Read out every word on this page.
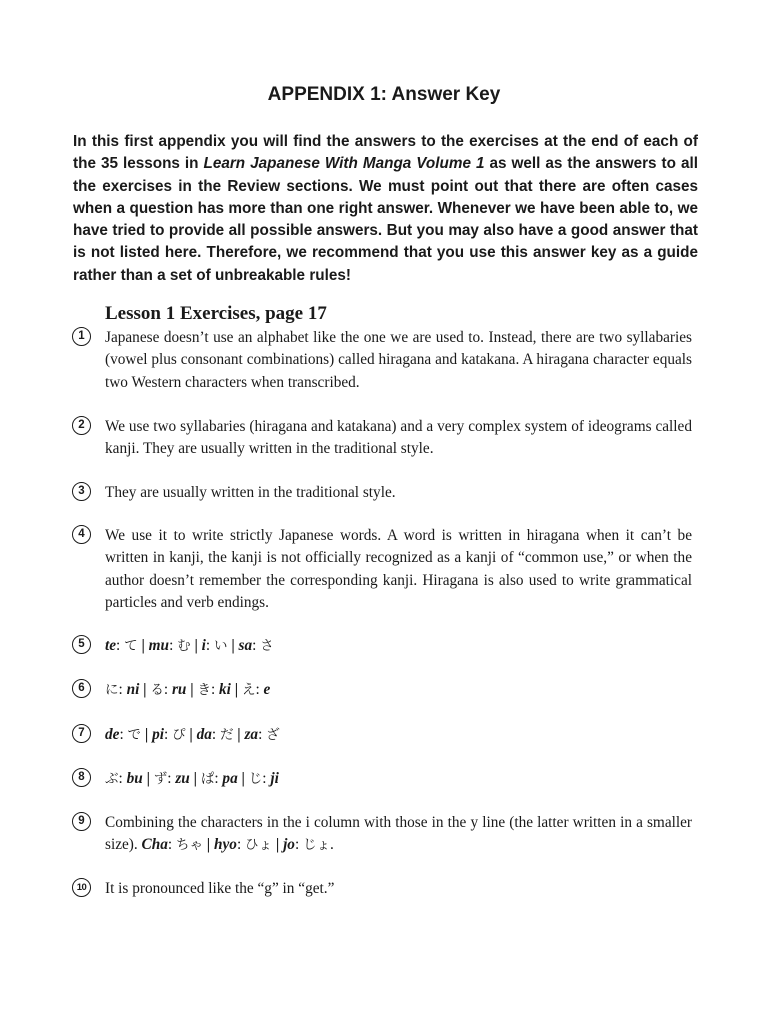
APPENDIX 1: Answer Key
In this first appendix you will find the answers to the exercises at the end of each of the 35 lessons in Learn Japanese With Manga Volume 1 as well as the answers to all the exercises in the Review sections. We must point out that there are often cases when a question has more than one right answer. Whenever we have been able to, we have tried to provide all possible answers. But you may also have a good answer that is not listed here. Therefore, we recommend that you use this answer key as a guide rather than a set of unbreakable rules!
Lesson 1 Exercises, page 17
1	Japanese doesn’t use an alphabet like the one we are used to. Instead, there are two syllabaries (vowel plus consonant combinations) called hiragana and katakana. A hiragana character equals two Western characters when transcribed.
2	We use two syllabaries (hiragana and katakana) and a very complex system of ideograms called kanji. They are usually written in the traditional style.
3	They are usually written in the traditional style.
4	We use it to write strictly Japanese words. A word is written in hiragana when it can’t be written in kanji, the kanji is not officially recognized as a kanji of “common use,” or when the author doesn’t remember the corresponding kanji. Hiragana is also used to write grammatical particles and verb endings.
5	te: て | mu: む | i: い | sa: さ
6	に: ni | る: ru | き: ki | え: e
7	de: で | pi: ぴ | da: だ | za: ざ
8	ぶ: bu | ず: zu | ぱ: pa | じ: ji
9	Combining the characters in the i column with those in the y line (the latter written in a smaller size). Cha: ちゃ | hyo: ひょ | jo: じょ.
10	It is pronounced like the “g” in “get.”
